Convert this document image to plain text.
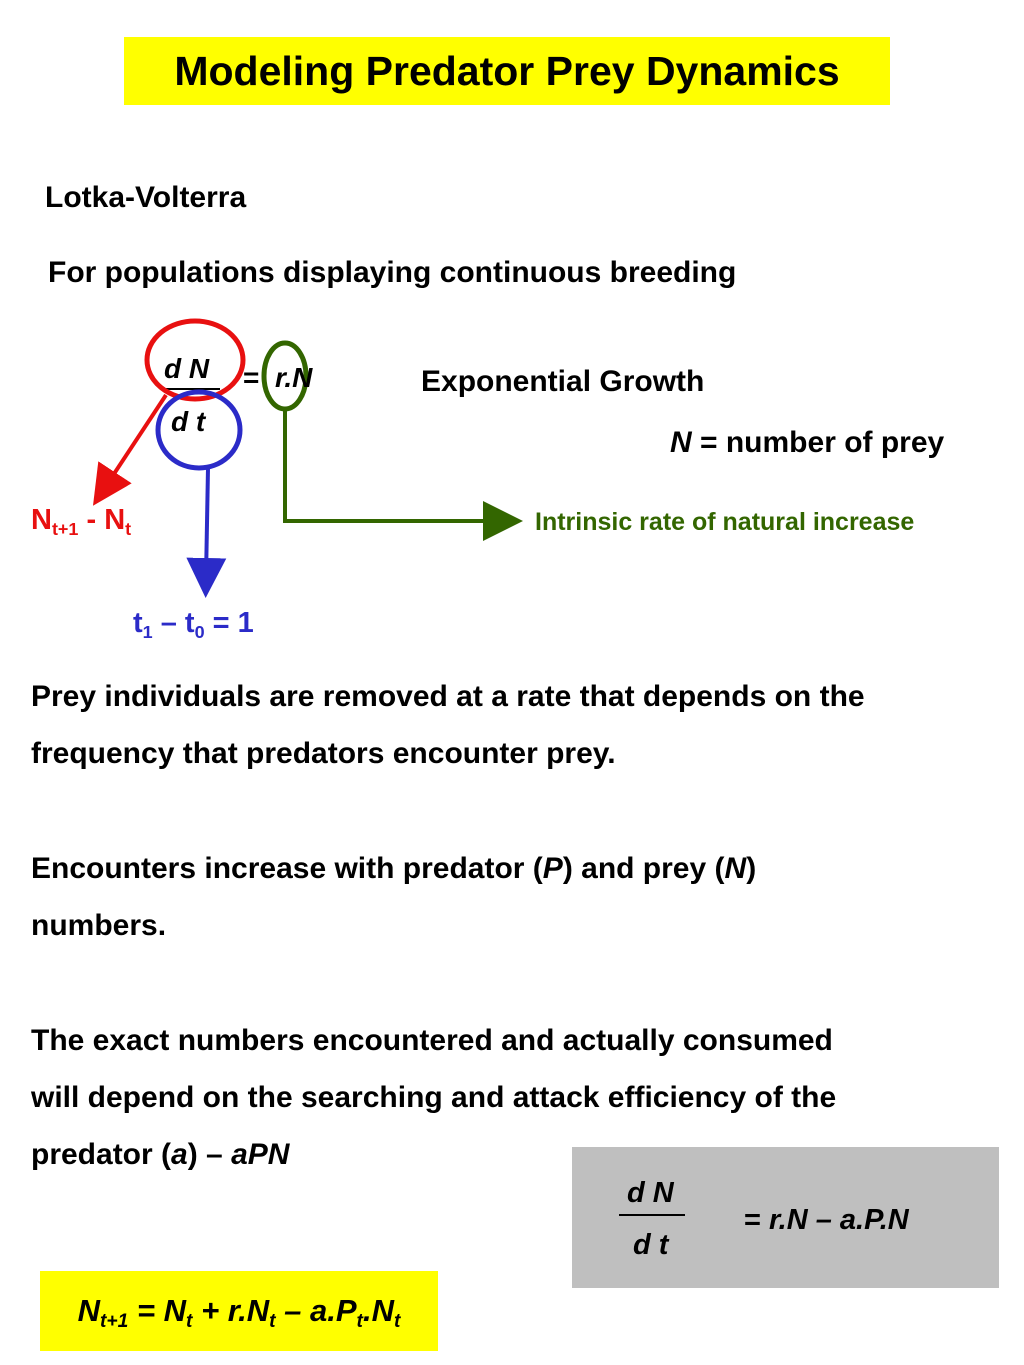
Modeling Predator Prey Dynamics
Lotka-Volterra
For populations displaying continuous breeding
d N
d t
= r.N	Exponential Growth
N = number of prey
$N_{t+1} - N_t$
$t_1 - t_0 = 1$
Intrinsic rate of natural increase
Prey individuals are removed at a rate that depends on the
frequency that predators encounter prey.
Encounters increase with predator (P) and prey (N)
numbers.
The exact numbers encountered and actually consumed
will depend on the searching and attack efficiency of the
predator (a) – aPN
d N
d t
= r.N – a.P.N
$N_{t+1} = N_t + r.N_t - a.P_t.N_t$
